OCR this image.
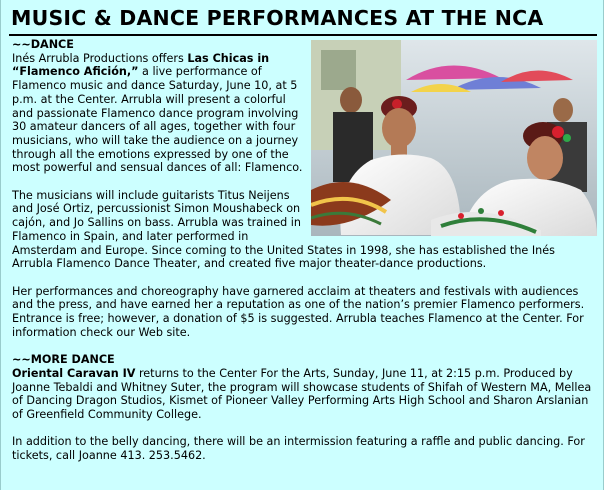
MUSIC & DANCE PERFORMANCES AT THE NCA

~~DANCE
Inés Arrubla Productions offers Las Chicas in “Flamenco Afición,” a live performance of Flamenco music and dance Saturday, June 10, at 5 p.m. at the Center. Arrubla will present a colorful and passionate Flamenco dance program involving 30 amateur dancers of all ages, together with four musicians, who will take the audience on a journey through all the emotions expressed by one of the most powerful and sensual dances of all: Flamenco.

The musicians will include guitarists Titus Neijens and José Ortiz, percussionist Simon Moushabeck on cajón, and Jo Sallins on bass. Arrubla was trained in Flamenco in Spain, and later performed in Amsterdam and Europe. Since coming to the United States in 1998, she has established the Inés Arrubla Flamenco Dance Theater, and created five major theater-dance productions.

Her performances and choreography have garnered acclaim at theaters and festivals with audiences and the press, and have earned her a reputation as one of the nation’s premier Flamenco performers. Entrance is free; however, a donation of $5 is suggested. Arrubla teaches Flamenco at the Center. For information check our Web site.

~~MORE DANCE
Oriental Caravan IV returns to the Center For the Arts, Sunday, June 11, at 2:15 p.m. Produced by Joanne Tebaldi and Whitney Suter, the program will showcase students of Shifah of Western MA, Mellea of Dancing Dragon Studios, Kismet of Pioneer Valley Performing Arts High School and Sharon Arslanian of Greenfield Community College.

In addition to the belly dancing, there will be an intermission featuring a raffle and public dancing. For tickets, call Joanne 413. 253.5462.
